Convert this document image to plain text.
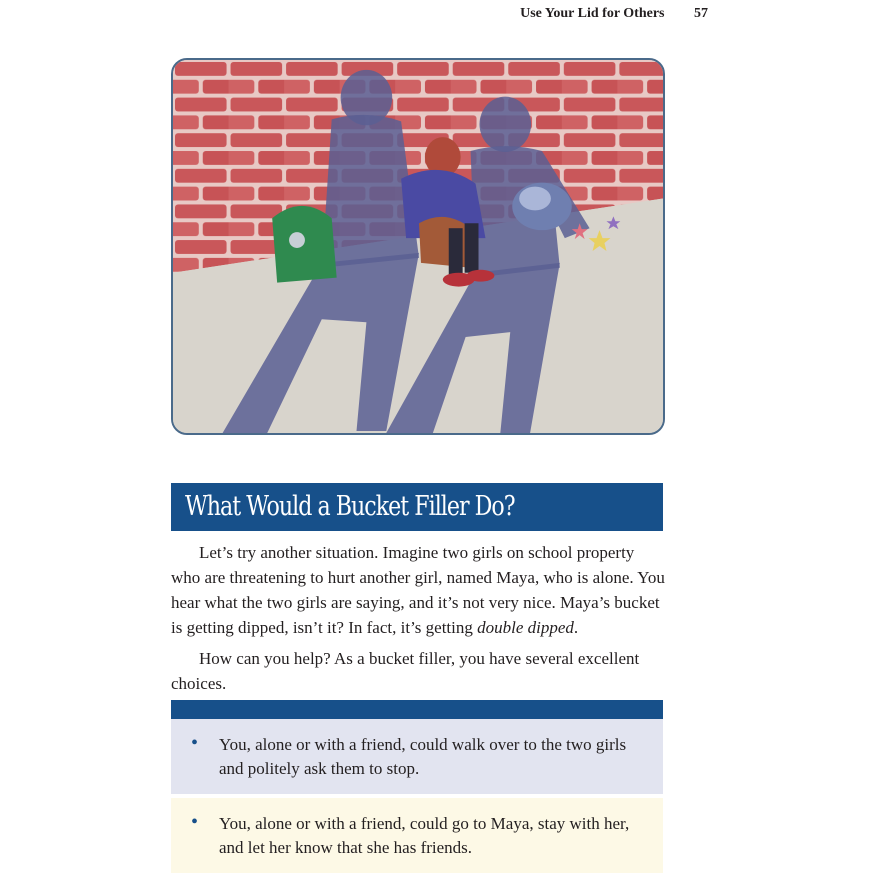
Use Your Lid for Others 57
What Would a Bucket Filler Do?

Let’s try another situation. Imagine two girls on school property who are threatening to hurt another girl, named Maya, who is alone. You hear what the two girls are saying, and it’s not very nice. Maya’s bucket is getting dipped, isn’t it? In fact, it’s getting double dipped.

How can you help? As a bucket filler, you have several excellent choices.

• You, alone or with a friend, could walk over to the two girls and politely ask them to stop.
• You, alone or with a friend, could go to Maya, stay with her, and let her know that she has friends.
